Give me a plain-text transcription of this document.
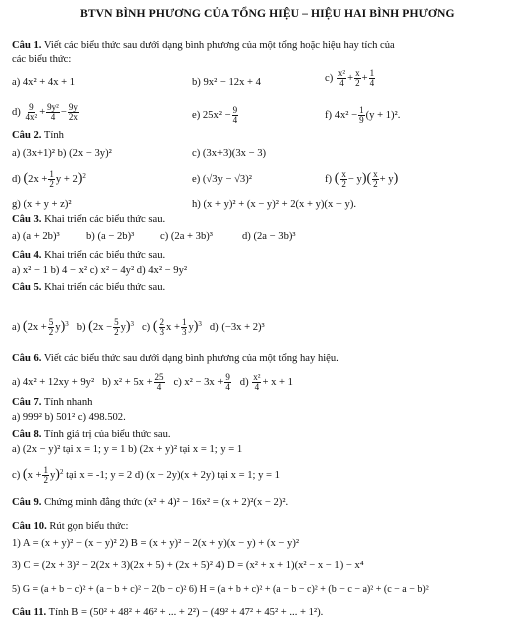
BTVN BÌNH PHƯƠNG CỦA TỔNG HIỆU – HIỆU HAI BÌNH PHƯƠNG
Câu 1. Viết các biểu thức sau dưới dạng bình phương của một tổng hoặc hiệu hay tích của
các biểu thức:
a) 4x² + 4x + 1	b) 9x² − 12x + 4	$c) \frac{\text{x²}}{4} + \frac{x}{2} + \frac{1}{4}$
$d) \frac{9}{\text{4x²}} + \frac{\text{9y²}}{4} - \frac{9y}{2x}$	e) $25x^2 - \frac{9}{4}$	f) $4x^2 - \frac{1}{9} (y + 1)^2$.
Câu 2. Tính
a) (3x+1)² b) (2x − 3y)²	c) (3x+3)(3x − 3)
d) ($2x + \frac{1}{2}$ $y + 2)^2$	e) (√3y − √3)²	f) ( $\frac{x}{2} - y)( \frac{x}{2} + y)$
g) (x + y + z)²	h) (x + y)² + (x − y)² + 2(x + y)(x − y).
Câu 3. Khai triển các biểu thức sau.
a) (a + 2b)³ b) (a − 2b)³ c) (2a + 3b)³	d) (2a − 3b)³
Câu 4. Khai triển các biểu thức sau.
a) x² − 1 b) 4 − x² c) x² − 4y² d) 4x² − 9y²
Câu 5. Khai triển các biểu thức sau.
a) $(2x + \frac{5}{2} y)^3$   b) $(2x - \frac{5}{2} y)^3$   c) ( $\frac{2}{3}$ $x + \frac{1}{3} y)^3$ d) (−3x + 2)³
Câu 6. Viết các biểu thức sau dưới dạng bình phương của một tổng hay hiệu.
a) 4x² + 12xy + 9y² b) $x^2 + 5x + \frac{25}{4} c$) $x^2 - 3x + \frac{9}{4} d) \frac{\text{x²}}{4} + x + 1$
Câu 7. Tính nhanh
a) 999² b) 501² c) 498.502.
Câu 8. Tính giá trị của biểu thức sau.
a) (2x − y)² tại x = 1; y = 1 b) (2x + y)² tại x = 1; y = 1
c) $(x + \frac{1}{2} y)^2$ tại x = -1; y = 2 d) (x − 2y)(x + 2y) tại x = 1; y = 1
Câu 9. Chứng minh đẳng thức (x² + 4)² − 16x² = (x + 2)²(x − 2)².
Câu 10. Rút gọn biểu thức:
1) A = (x + y)² − (x − y)² 2) B = (x + y)² − 2(x + y)(x − y) + (x − y)²
3) C = (2x + 3)² − 2(2x + 3)(2x + 5) + (2x + 5)² 4) D = (x² + x + 1)(x² − x − 1) − x⁴
5) G = (a + b − c)² + (a − b + c)² − 2(b − c)² 6) H = (a + b + c)² + (a − b − c)² + (b − c − a)² + (c − a − b)²
Câu 11. Tính B = (50² + 48² + 46² + ... + 2²) − (49² + 47² + 45² + ... + 1²).
